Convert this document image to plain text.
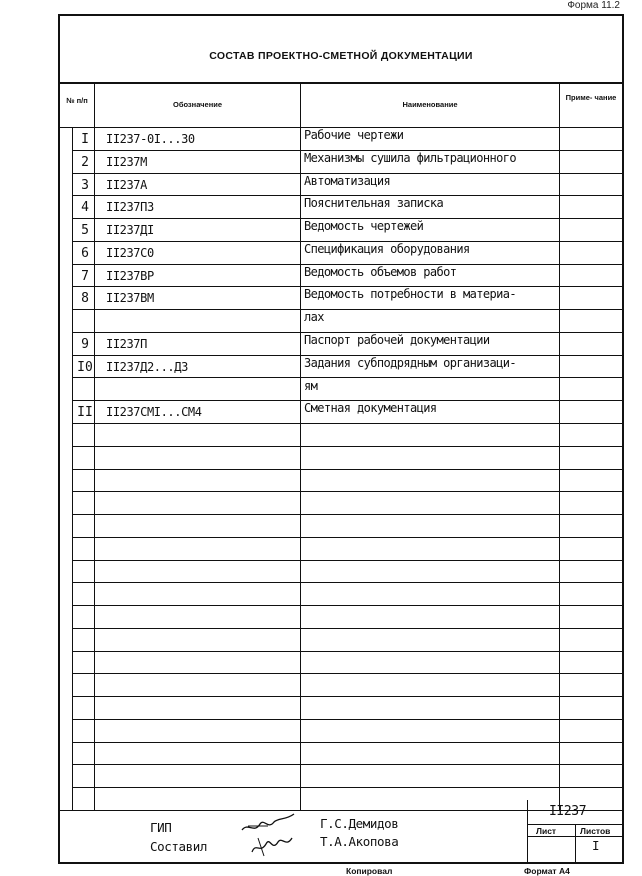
Форма 11.2
СОСТАВ ПРОЕКТНО-СМЕТНОЙ ДОКУМЕНТАЦИИ
№ п/п	Обозначение	Наименование
Приме- чание
I	II237-0I...30	Рабочие чертежи
2	II237M	Механизмы сушила фильтрационного
3	II237А	Автоматизация
4	II237ПЗ	Пояснительная записка
5	II237ДI	Ведомость чертежей
6	II237С0	Спецификация оборудования
7	II237ВР	Ведомость объемов работ
8	II237ВМ	Ведомость потребности в материа-
лах
9	II237П	Паспорт рабочей документации
I0	II237Д2...ДЗ	Задания субподрядным организаци-
ям
II	II237СМI...СМ4	Сметная документация
ГИП
Составил
Г.С.Демидов
Т.А.Акопова
II237
Лист	Листов
I
Копировал	Формат А4
